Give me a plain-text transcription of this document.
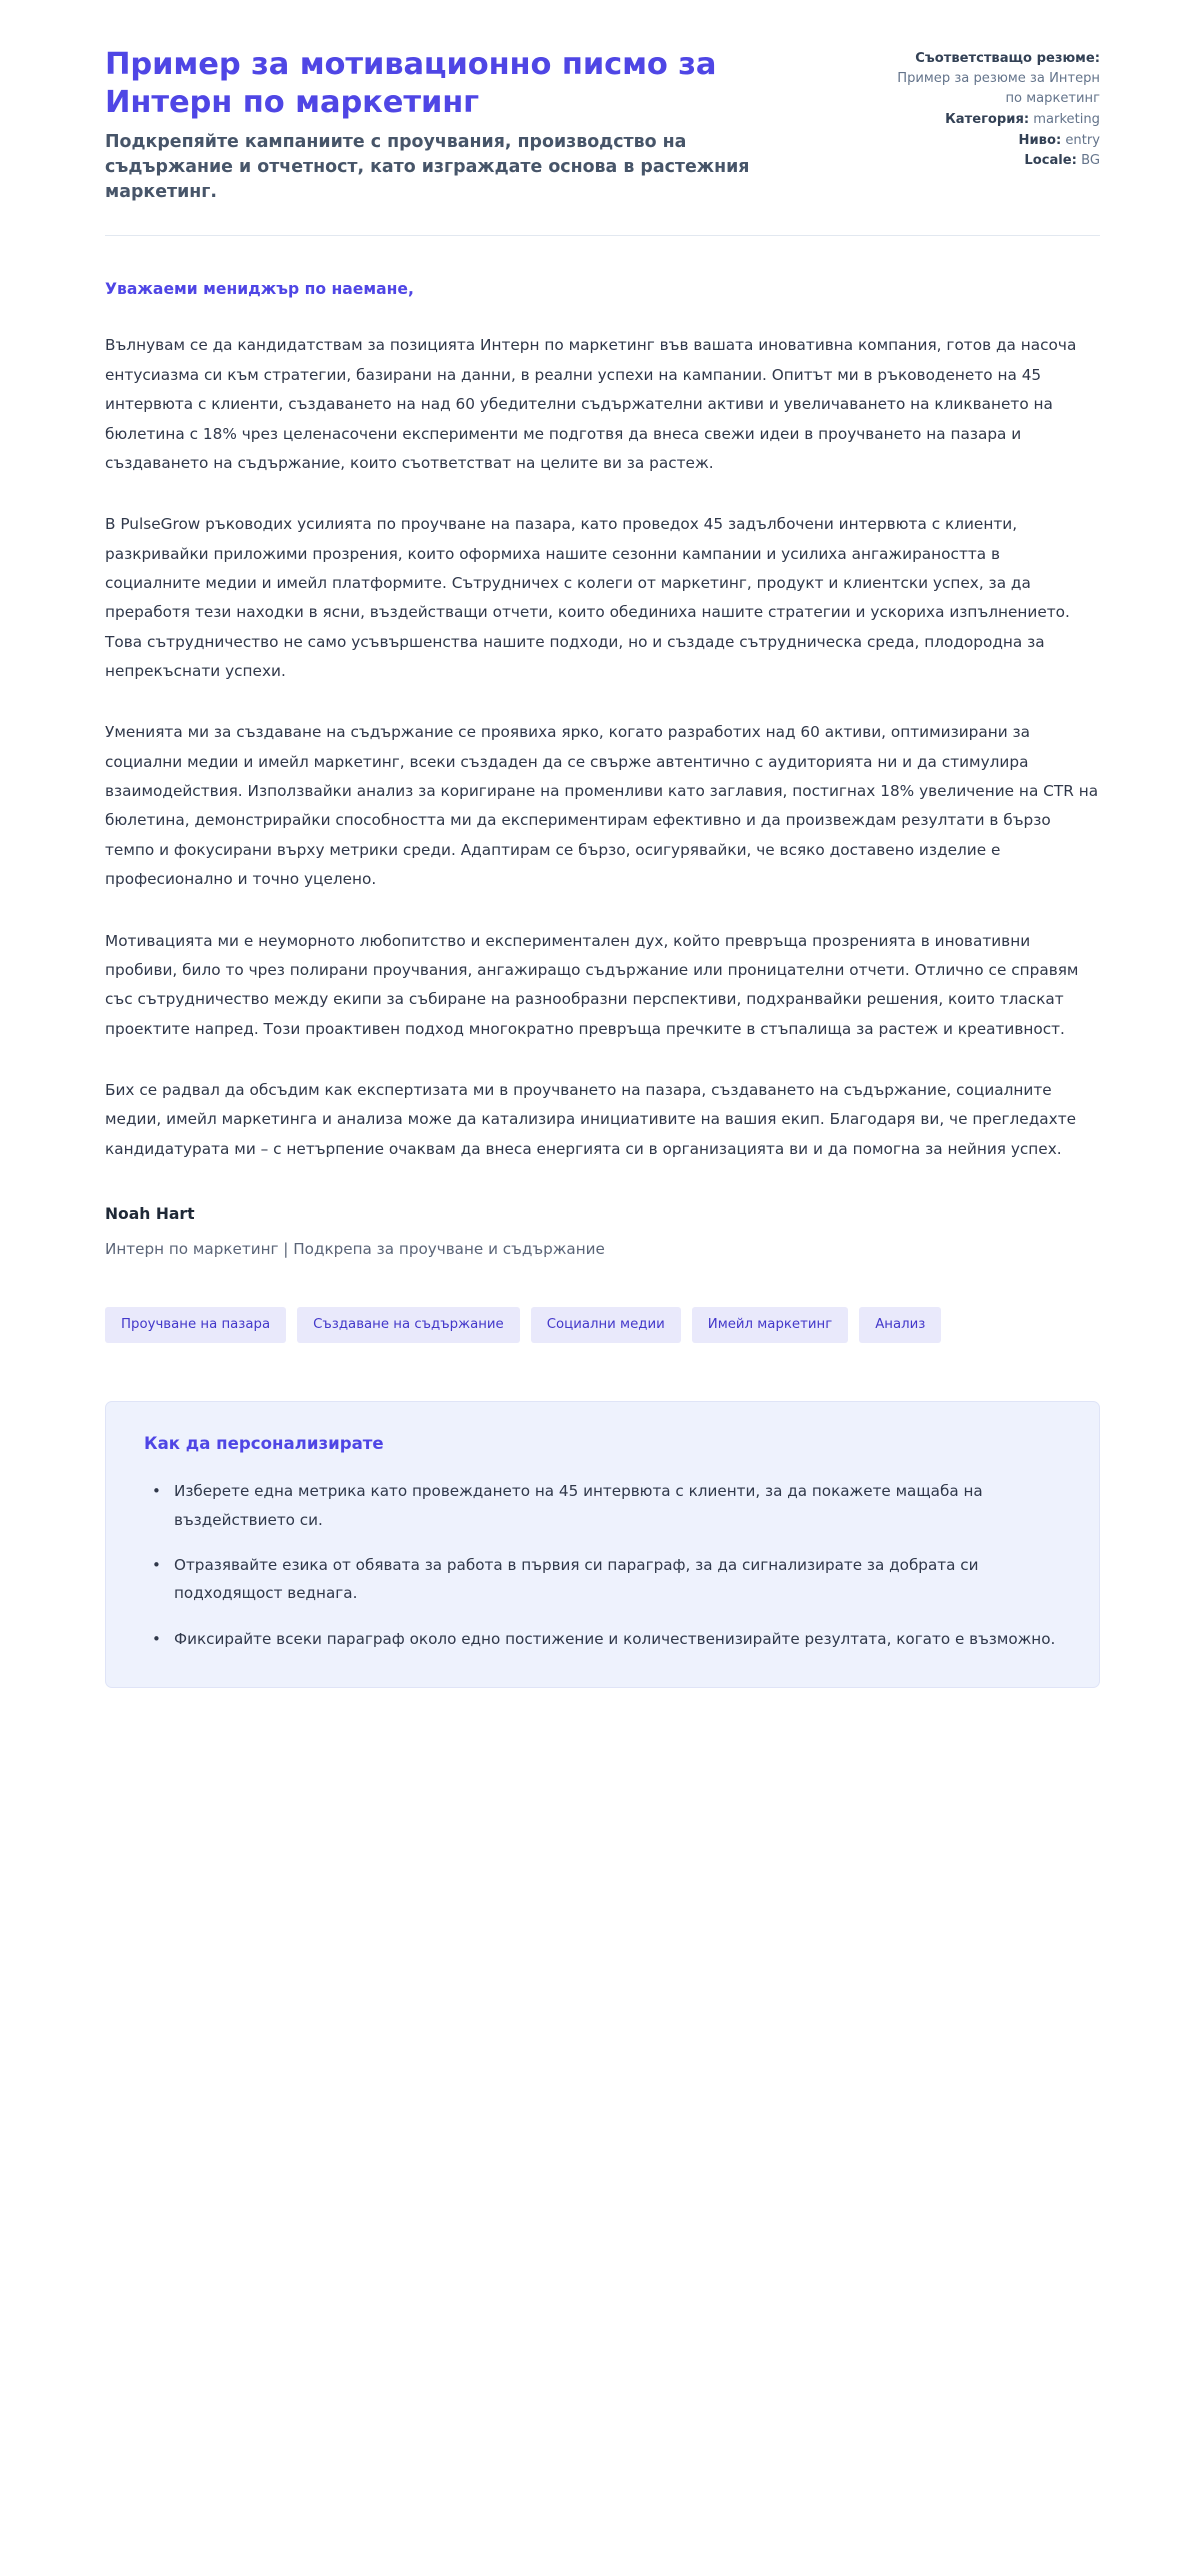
Пример за мотивационно писмо за Интерн по маркетинг

Подкрепяйте кампаниите с проучвания, производство на съдържание и отчетност, като изграждате основа в растежния маркетинг.

Съответстващо резюме: Пример за резюме за Интерн по маркетинг
Категория: marketing
Ниво: entry
Locale: BG

Уважаеми мениджър по наемане,

Вълнувам се да кандидатствам за позицията Интерн по маркетинг във вашата иновативна компания, готов да насоча ентусиазма си към стратегии, базирани на данни, в реални успехи на кампании. Опитът ми в ръководенето на 45 интервюта с клиенти, създаването на над 60 убедителни съдържателни активи и увеличаването на кликването на бюлетина с 18% чрез целенасочени експерименти ме подготвя да внеса свежи идеи в проучването на пазара и създаването на съдържание, които съответстват на целите ви за растеж.

В PulseGrow ръководих усилията по проучване на пазара, като проведох 45 задълбочени интервюта с клиенти, разкривайки приложими прозрения, които оформиха нашите сезонни кампании и усилиха ангажираността в социалните медии и имейл платформите. Сътрудничех с колеги от маркетинг, продукт и клиентски успех, за да преработя тези находки в ясни, въздействащи отчети, които обединиха нашите стратегии и ускориха изпълнението. Това сътрудничество не само усъвършенства нашите подходи, но и създаде сътрудническа среда, плодородна за непрекъснати успехи.

Уменията ми за създаване на съдържание се проявиха ярко, когато разработих над 60 активи, оптимизирани за социални медии и имейл маркетинг, всеки създаден да се свърже автентично с аудиторията ни и да стимулира взаимодействия. Използвайки анализ за коригиране на променливи като заглавия, постигнах 18% увеличение на CTR на бюлетина, демонстрирайки способността ми да експериментирам ефективно и да произвеждам резултати в бързо темпо и фокусирани върху метрики среди. Адаптирам се бързо, осигурявайки, че всяко доставено изделие е професионално и точно уцелено.

Мотивацията ми е неуморното любопитство и експериментален дух, който превръща прозренията в иновативни пробиви, било то чрез полирани проучвания, ангажиращо съдържание или проницателни отчети. Отлично се справям със сътрудничество между екипи за събиране на разнообразни перспективи, подхранвайки решения, които тласкат проектите напред. Този проактивен подход многократно превръща пречките в стъпалища за растеж и креативност.

Бих се радвал да обсъдим как експертизата ми в проучването на пазара, създаването на съдържание, социалните медии, имейл маркетинга и анализа може да катализира инициативите на вашия екип. Благодаря ви, че прегледахте кандидатурата ми – с нетърпение очаквам да внеса енергията си в организацията ви и да помогна за нейния успех.

Noah Hart

Интерн по маркетинг | Подкрепа за проучване и съдържание

Проучване на пазара	Създаване на съдържание	Социални медии	Имейл маркетинг	Анализ
Как да персонализирате
• Изберете една метрика като провеждането на 45 интервюта с клиенти, за да покажете мащаба на въздействието си.
• Отразявайте езика от обявата за работа в първия си параграф, за да сигнализирате за добрата си подходящост веднага.
• Фиксирайте всеки параграф около едно постижение и количественизирайте резултата, когато е възможно.
